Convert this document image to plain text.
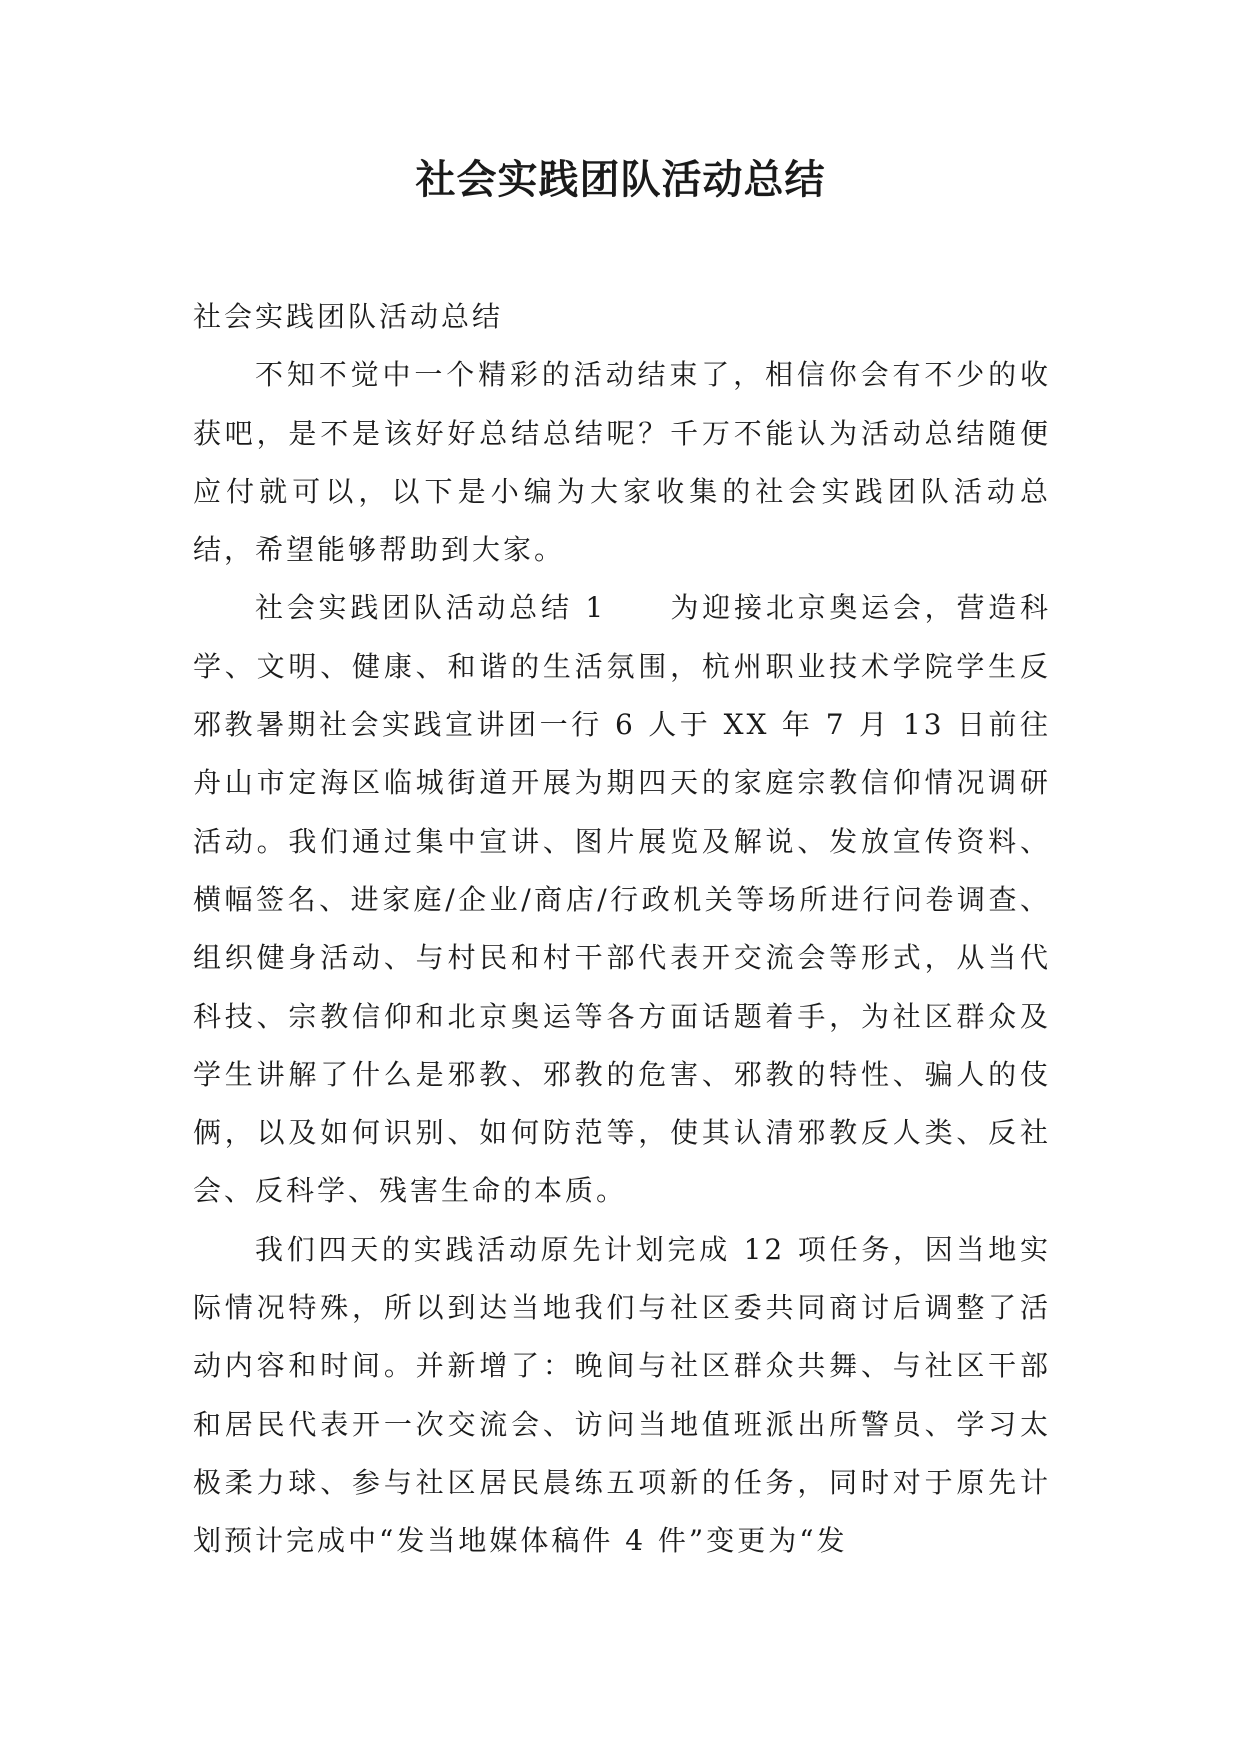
社会实践团队活动总结

社会实践团队活动总结

不知不觉中一个精彩的活动结束了，相信你会有不少的收获吧，是不是该好好总结总结呢？千万不能认为活动总结随便应付就可以，以下是小编为大家收集的社会实践团队活动总结，希望能够帮助到大家。

社会实践团队活动总结 1　　为迎接北京奥运会，营造科学、文明、健康、和谐的生活氛围，杭州职业技术学院学生反邪教暑期社会实践宣讲团一行 6 人于 XX 年 7 月 13 日前往舟山市定海区临城街道开展为期四天的家庭宗教信仰情况调研活动。我们通过集中宣讲、图片展览及解说、发放宣传资料、横幅签名、进家庭/企业/商店/行政机关等场所进行问卷调查、组织健身活动、与村民和村干部代表开交流会等形式，从当代科技、宗教信仰和北京奥运等各方面话题着手，为社区群众及学生讲解了什么是邪教、邪教的危害、邪教的特性、骗人的伎俩，以及如何识别、如何防范等，使其认清邪教反人类、反社会、反科学、残害生命的本质。

我们四天的实践活动原先计划完成 12 项任务，因当地实际情况特殊，所以到达当地我们与社区委共同商讨后调整了活动内容和时间。并新增了：晚间与社区群众共舞、与社区干部和居民代表开一次交流会、访问当地值班派出所警员、学习太极柔力球、参与社区居民晨练五项新的任务，同时对于原先计划预计完成中“发当地媒体稿件 4 件”变更为“发
